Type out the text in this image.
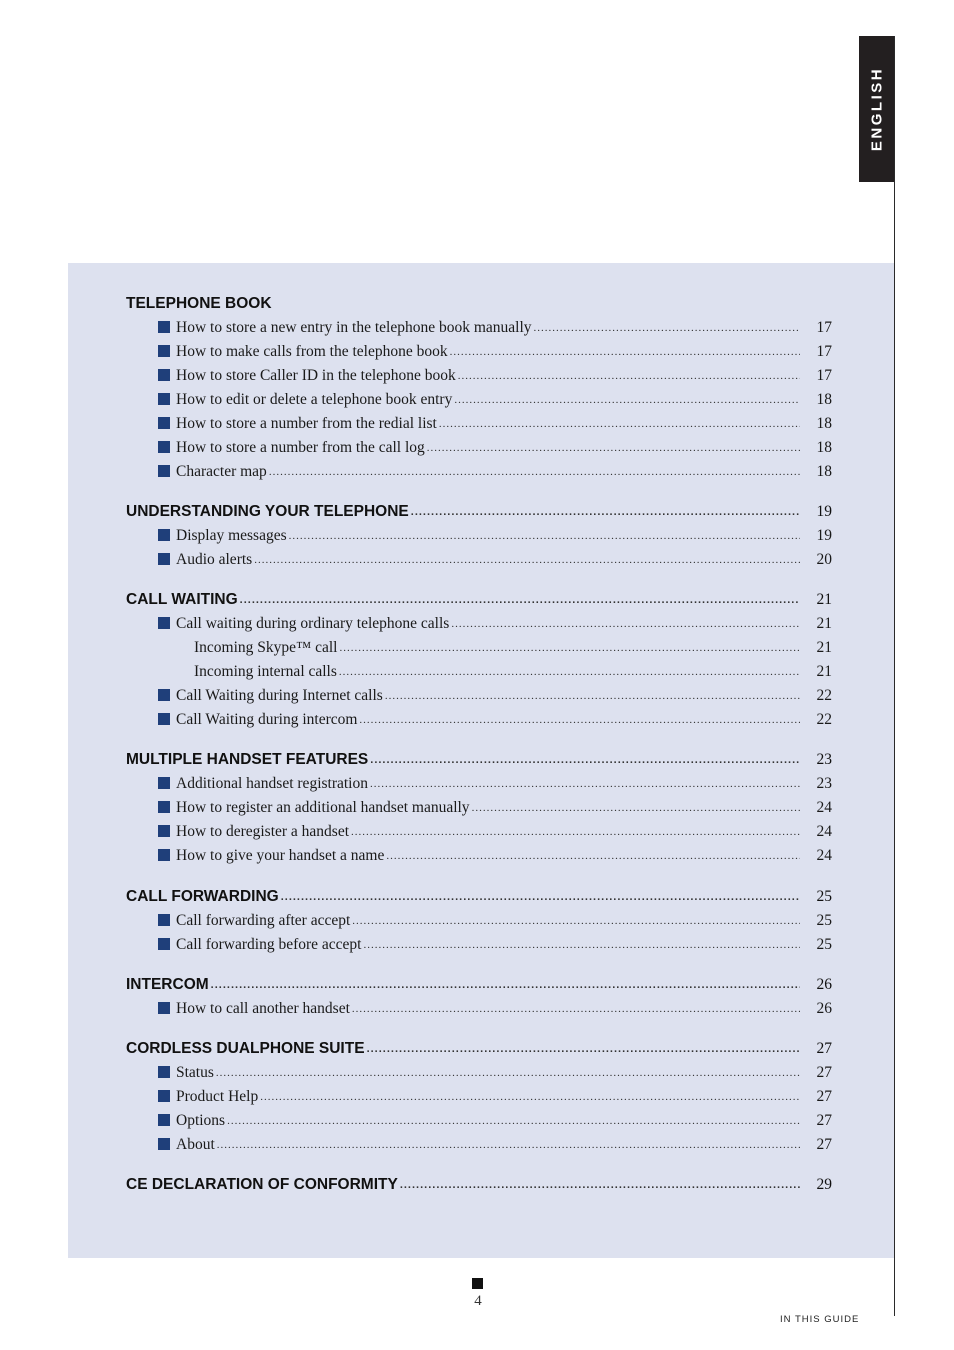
ENGLISH
TELEPHONE BOOK
How to store a new entry in the telephone book manually .....	17
How to make calls from the telephone book .....	17
How to store Caller ID in the telephone book .....	17
How to edit or delete a telephone book entry .....	18
How to store a number from the redial list .....	18
How to store a number from the call log .....	18
Character map .....	18
UNDERSTANDING YOUR TELEPHONE .....	19
Display messages .....	19
Audio alerts .....	20
CALL WAITING .....	21
Call waiting during ordinary telephone calls .....	21
Incoming Skype™ call .....	21
Incoming internal calls .....	21
Call Waiting during Internet calls .....	22
Call Waiting during intercom .....	22
MULTIPLE HANDSET FEATURES .....	23
Additional handset registration .....	23
How to register an additional handset manually .....	24
How to deregister a handset .....	24
How to give your handset a name .....	24
CALL FORWARDING .....	25
Call forwarding after accept .....	25
Call forwarding before accept .....	25
INTERCOM .....	26
How to call another handset .....	26
CORDLESS DUALPHONE SUITE .....	27
Status .....	27
Product Help .....	27
Options .....	27
About .....	27
CE DECLARATION OF CONFORMITY .....	29
4
IN THIS GUIDE
